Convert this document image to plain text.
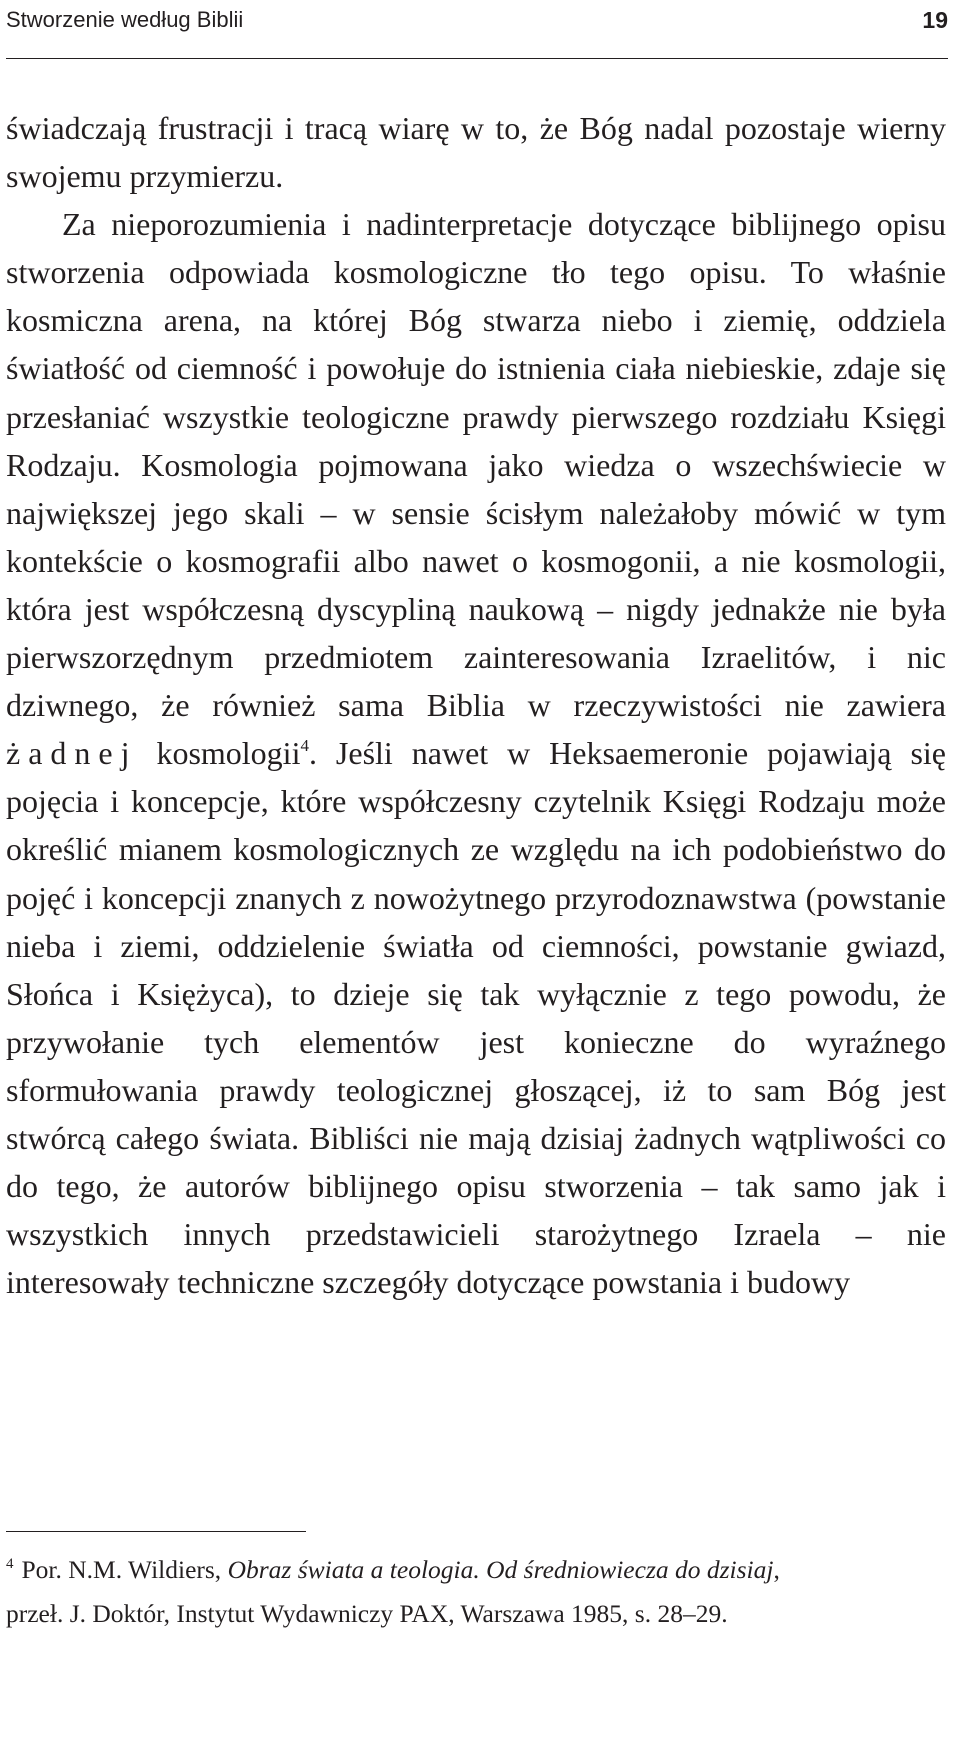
Stworzenie według Biblii	19

świadczają frustracji i tracą wiarę w to, że Bóg nadal pozostaje wierny swojemu przymierzu.

Za nieporozumienia i nadinterpretacje dotyczące biblijnego opisu stworzenia odpowiada kosmologiczne tło tego opisu. To właśnie kosmiczna arena, na której Bóg stwarza niebo i ziemię, oddziela światłość od ciemność i powołuje do istnienia ciała niebieskie, zdaje się przesłaniać wszystkie teologiczne prawdy pierwszego rozdziału Księgi Rodzaju. Kosmologia pojmowana jako wiedza o wszechświecie w największej jego skali – w sensie ścisłym należałoby mówić w tym kontekście o kosmografii albo nawet o kosmogonii, a nie kosmologii, która jest współczesną dyscypliną naukową – nigdy jednakże nie była pierwszorzędnym przedmiotem zainteresowania Izraelitów, i nic dziwnego, że również sama Biblia w rzeczywistości nie zawiera żadnej kosmologii$^4$. Jeśli nawet w Heksaemeronie pojawiają się pojęcia i koncepcje, które współczesny czytelnik Księgi Rodzaju może określić mianem kosmologicznych ze względu na ich podobieństwo do pojęć i koncepcji znanych z nowożytnego przyrodoznawstwa (powstanie nieba i ziemi, oddzielenie światła od ciemności, powstanie gwiazd, Słońca i Księżyca), to dzieje się tak wyłącznie z tego powodu, że przywołanie tych elementów jest konieczne do wyraźnego sformułowania prawdy teologicznej głoszącej, iż to sam Bóg jest stwórcą całego świata. Bibliści nie mają dzisiaj żadnych wątpliwości co do tego, że autorów biblijnego opisu stworzenia – tak samo jak i wszystkich innych przedstawicieli starożytnego Izraela – nie interesowały techniczne szczegóły dotyczące powstania i budowy

$^4$ Por. N.M. Wildiers, Obraz świata a teologia. Od średniowiecza do dzisiaj,
przeł. J. Doktór, Instytut Wydawniczy PAX, Warszawa 1985, s. 28–29.
